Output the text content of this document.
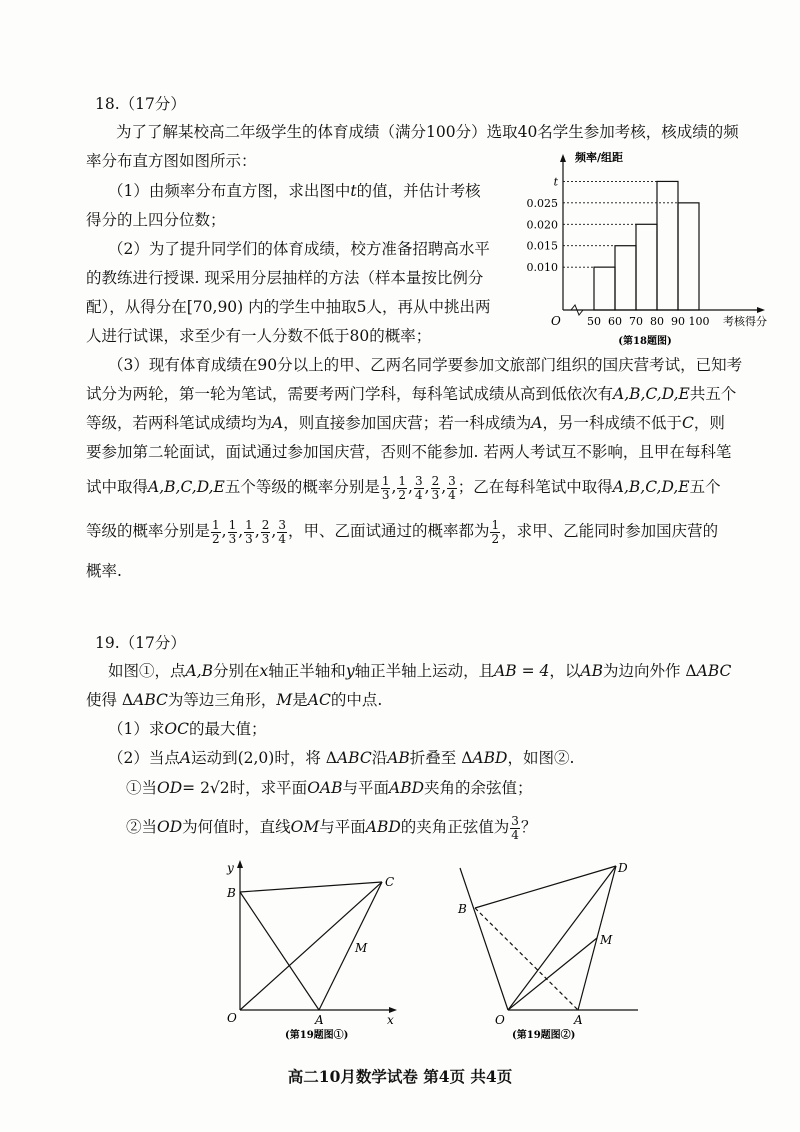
18.（17分）
为了了解某校高二年级学生的体育成绩（满分100分）选取40名学生参加考核，核成绩的频
率分布直方图如图所示：
（1）由频率分布直方图，求出图中t的值，并估计考核
得分的上四分位数；
（2）为了提升同学们的体育成绩，校方准备招聘高水平
的教练进行授课. 现采用分层抽样的方法（样本量按比例分
配），从得分在[70,90) 内的学生中抽取5人，再从中挑出两
人进行试课，求至少有一人分数不低于80的概率；
（3）现有体育成绩在90分以上的甲、乙两名同学要参加文旅部门组织的国庆营考试，已知考
试分为两轮，第一轮为笔试，需要考两门学科，每科笔试成绩从高到低依次有A,B,C,D,E共五个
等级，若两科笔试成绩均为A，则直接参加国庆营；若一科成绩为A，另一科成绩不低于C，则
要参加第二轮面试，面试通过参加国庆营，否则不能参加. 若两人考试互不影响，且甲在每科笔
试中取得A,B,C,D,E五个等级的概率分别是 $\frac{1}{3}$ , $\frac{1}{2}$ , $\frac{3}{4}$ , $\frac{2}{3}$ , $\frac{3}{4}$ ；乙在每科笔试中取得A,B,C,D,E五个
等级的概率分别是 $\frac{1}{2}$ , $\frac{1}{3}$ , $\frac{1}{3}$ , $\frac{2}{3}$ , $\frac{3}{4}$ ，甲、乙面试通过的概率都为 $\frac{1}{2}$ ，求甲、乙能同时参加国庆营的
概率.
0.010
0.015
0.020
0.025
t
50 60 70 80 90 100
O
频率/组距
考核得分
(第18题图)
19.（17分）
如图①，点A,B分别在x轴正半轴和y轴正半轴上运动，且AB = 4，以AB为边向外作 ΔABC
使得 ΔABC为等边三角形，M是AC的中点.
（1）求OC的最大值；
（2）当点A运动到(2,0)时，将 ΔABC沿AB折叠至 ΔABD，如图②.
①当OD= 2√2时，求平面OAB与平面ABD夹角的余弦值；
②当OD为何值时，直线OM与平面ABD的夹角正弦值为 $\frac{3}{4}$ ？
y
B
C
M
O	A	x
(第19题图①)
D
B
M
O	A
(第19题图②)
高二10月数学试卷 第4页 共4页
